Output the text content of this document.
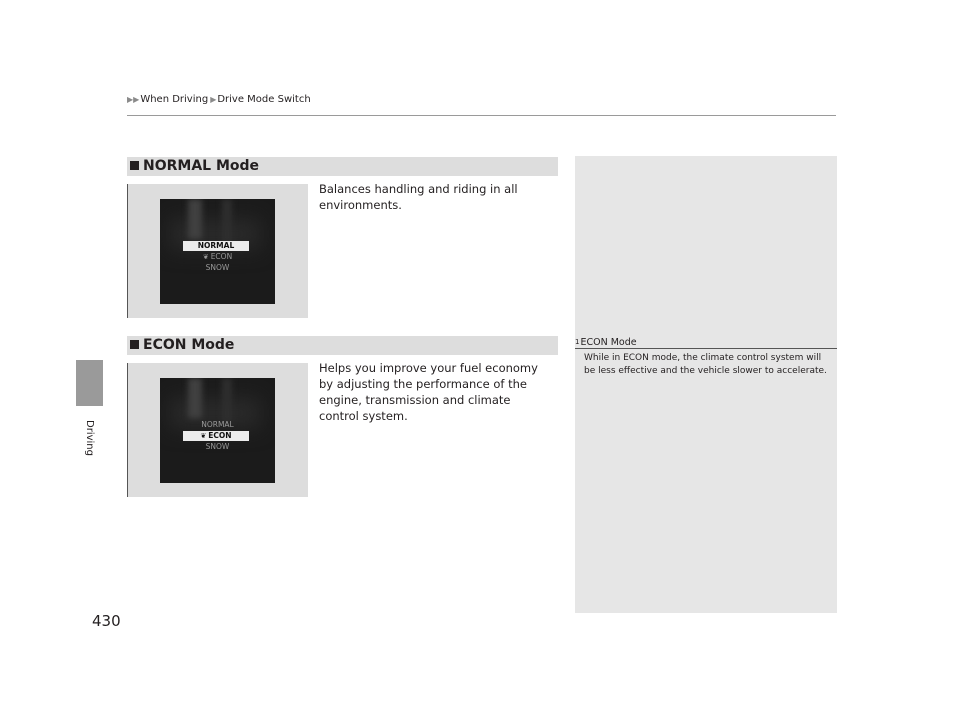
▶▶ When Driving ▶ Drive Mode Switch
Driving
430
1ECON Mode
While in ECON mode, the climate control system will be less effective and the vehicle slower to accelerate.
NORMAL Mode
NORMAL
❦ ECON
SNOW
Balances handling and riding in all environments.
ECON Mode
NORMAL
❦ ECON
SNOW
Helps you improve your fuel economy by adjusting the performance of the engine, transmission and climate control system.
